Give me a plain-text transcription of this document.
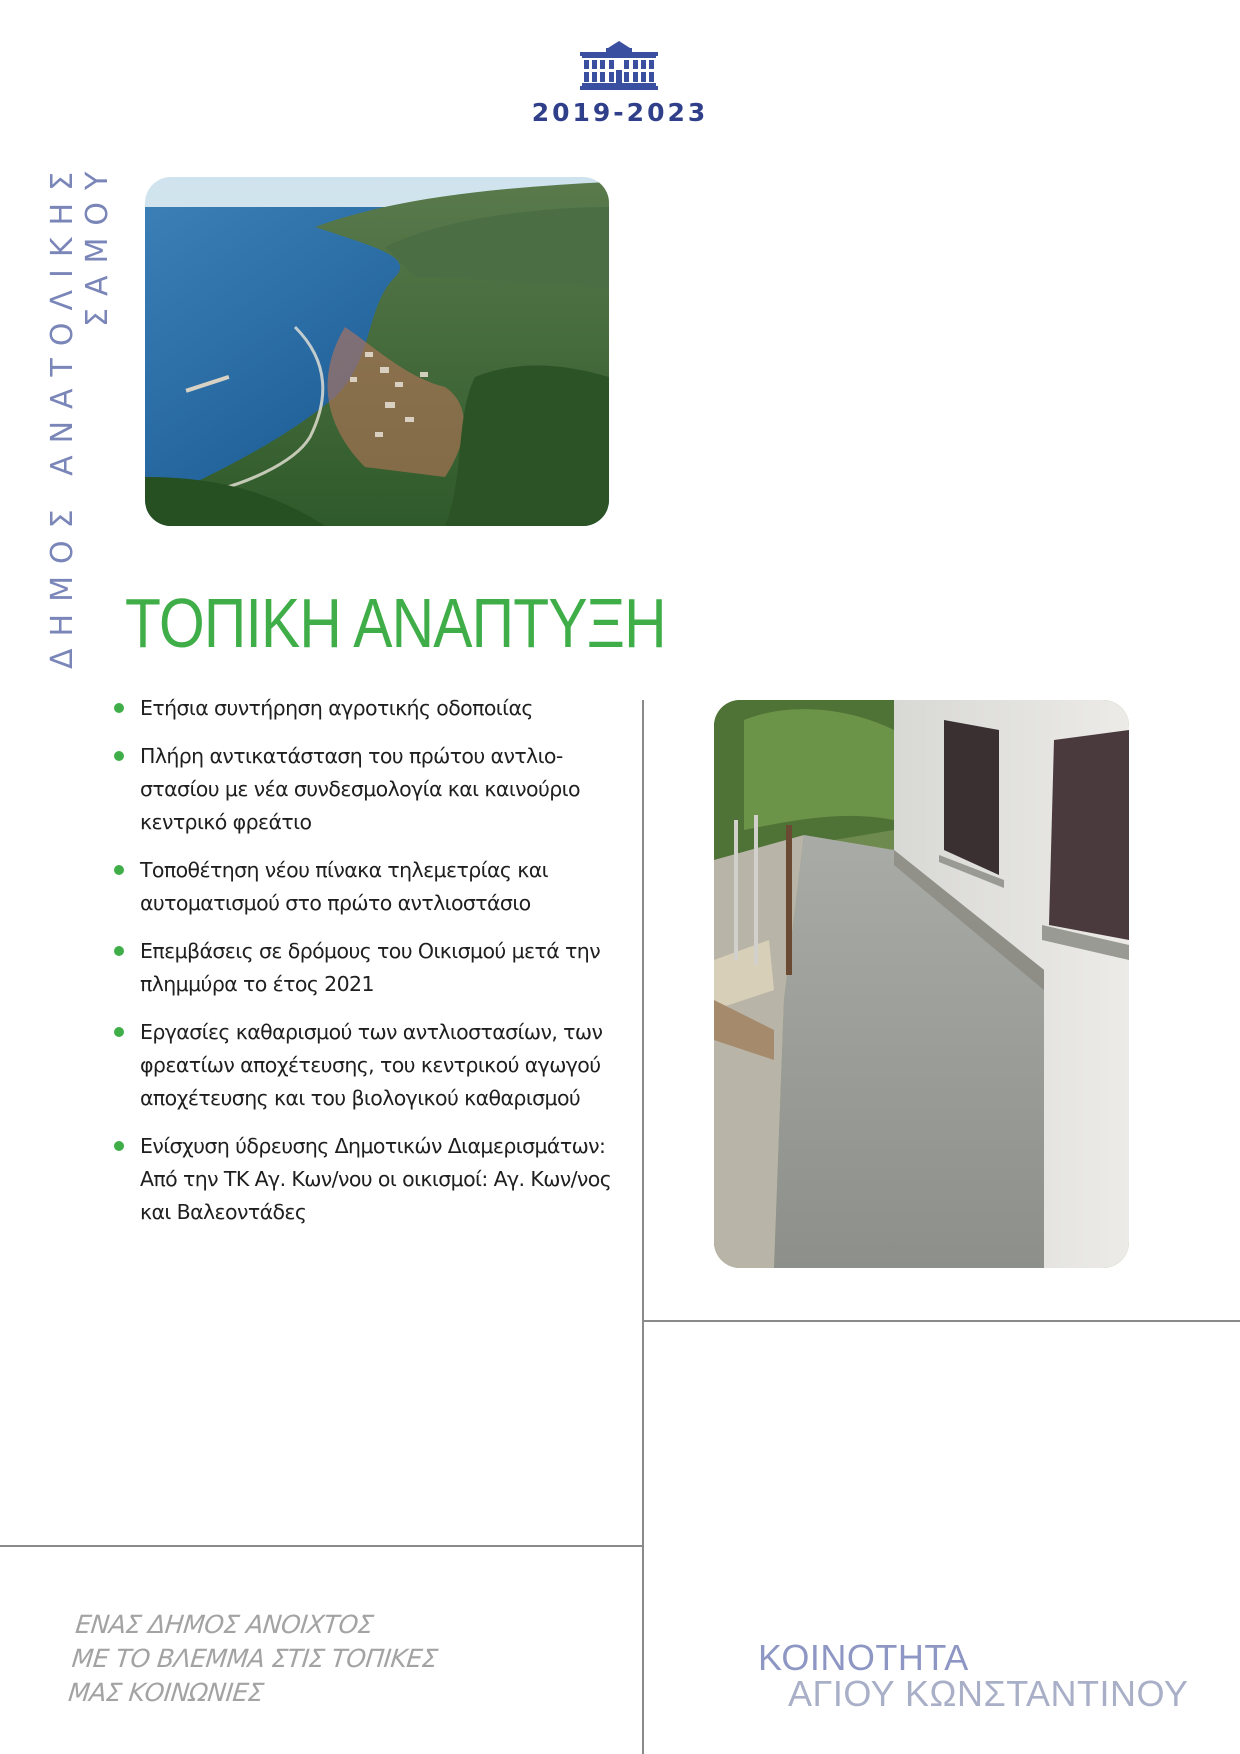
2019-2023
ΔΗΜΟΣ ΑΝΑΤΟΛΙΚΗΣ ΣΑΜΟΥ
ΤΟΠΙΚΗ ΑΝΑΠΤΥΞΗ
Ετήσια συντήρηση αγροτικής οδοποιίας
Πλήρη αντικατάσταση του πρώτου αντλιο-στασίου με νέα συνδεσμολογία και καινούριο κεντρικό φρεάτιο
Τοποθέτηση νέου πίνακα τηλεμετρίας και αυτοματισμού στο πρώτο αντλιοστάσιο
Επεμβάσεις σε δρόμους του Οικισμού μετά την πλημμύρα το έτος 2021
Εργασίες καθαρισμού των αντλιοστασίων, των φρεατίων αποχέτευσης, του κεντρικού αγωγού αποχέτευσης και του βιολογικού καθαρισμού
Ενίσχυση ύδρευσης Δημοτικών Διαμερισμάτων: Από την ΤΚ Αγ. Κων/νου οι οικισμοί: Αγ. Κων/νος και Βαλεοντάδες
ΕΝΑΣ ΔΗΜΟΣ ΑΝΟΙΧΤΟΣ
ΜΕ ΤΟ ΒΛΕΜΜΑ ΣΤΙΣ ΤΟΠΙΚΕΣ
ΜΑΣ ΚΟΙΝΩΝΙΕΣ
ΚΟΙΝΟΤΗΤΑ
ΑΓΙΟΥ ΚΩΝΣΤΑΝΤΙΝΟΥ
